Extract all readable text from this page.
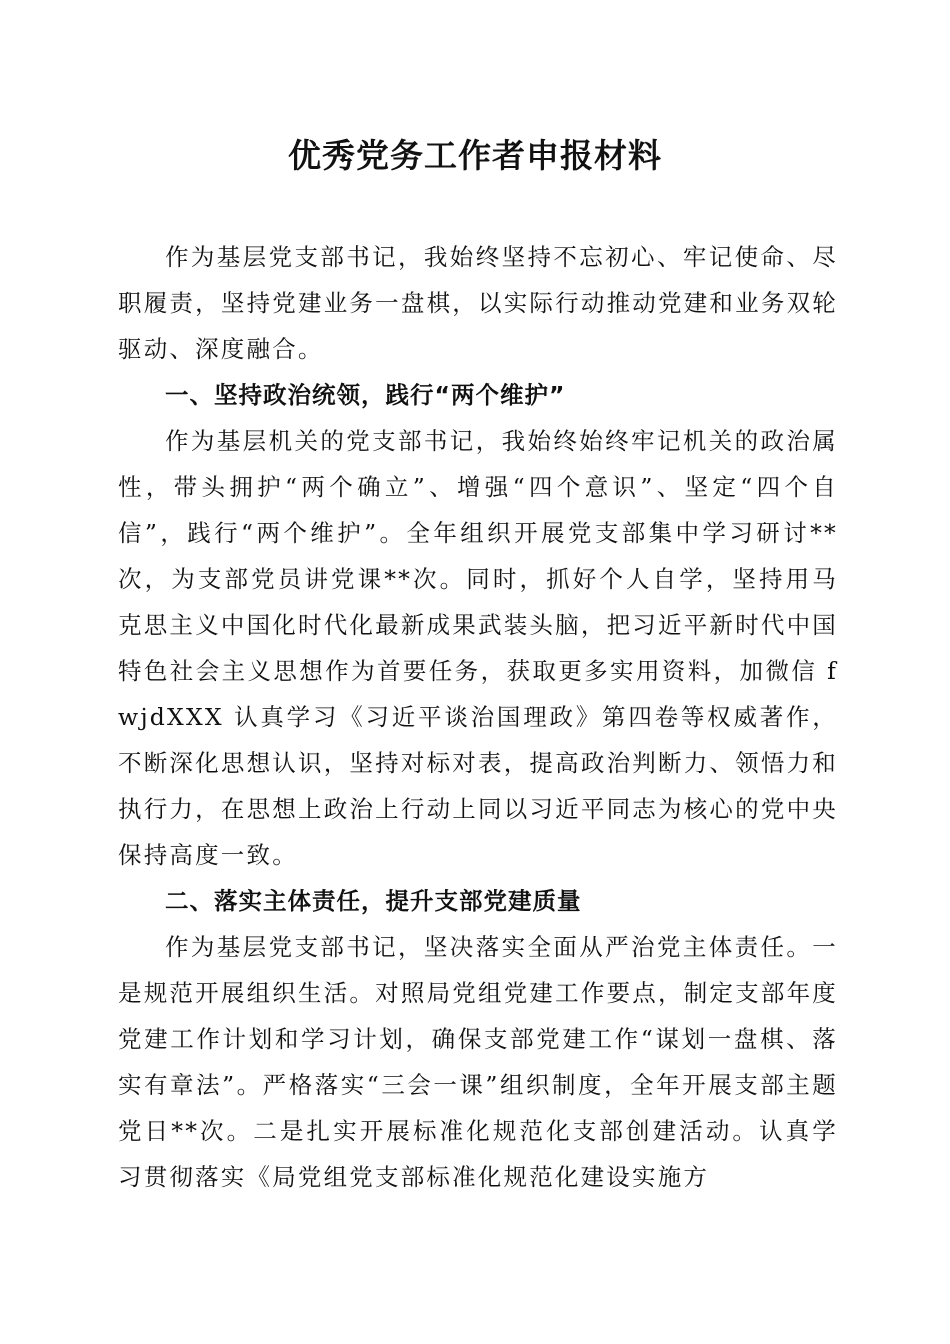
优秀党务工作者申报材料

作为基层党支部书记，我始终坚持不忘初心、牢记使命、尽职履责，坚持党建业务一盘棋，以实际行动推动党建和业务双轮驱动、深度融合。

一、坚持政治统领，践行“两个维护”

作为基层机关的党支部书记，我始终始终牢记机关的政治属性，带头拥护“两个确立”、增强“四个意识”、坚定“四个自信”，践行“两个维护”。全年组织开展党支部集中学习研讨**次，为支部党员讲党课**次。同时，抓好个人自学，坚持用马克思主义中国化时代化最新成果武装头脑，把习近平新时代中国特色社会主义思想作为首要任务，获取更多实用资料，加微信 fwjdXXX 认真学习《习近平谈治国理政》第四卷等权威著作，不断深化思想认识，坚持对标对表，提高政治判断力、领悟力和执行力，在思想上政治上行动上同以习近平同志为核心的党中央保持高度一致。

二、落实主体责任，提升支部党建质量

作为基层党支部书记，坚决落实全面从严治党主体责任。一是规范开展组织生活。对照局党组党建工作要点，制定支部年度党建工作计划和学习计划，确保支部党建工作“谋划一盘棋、落实有章法”。严格落实“三会一课”组织制度，全年开展支部主题党日**次。二是扎实开展标准化规范化支部创建活动。认真学习贯彻落实《局党组党支部标准化规范化建设实施方
